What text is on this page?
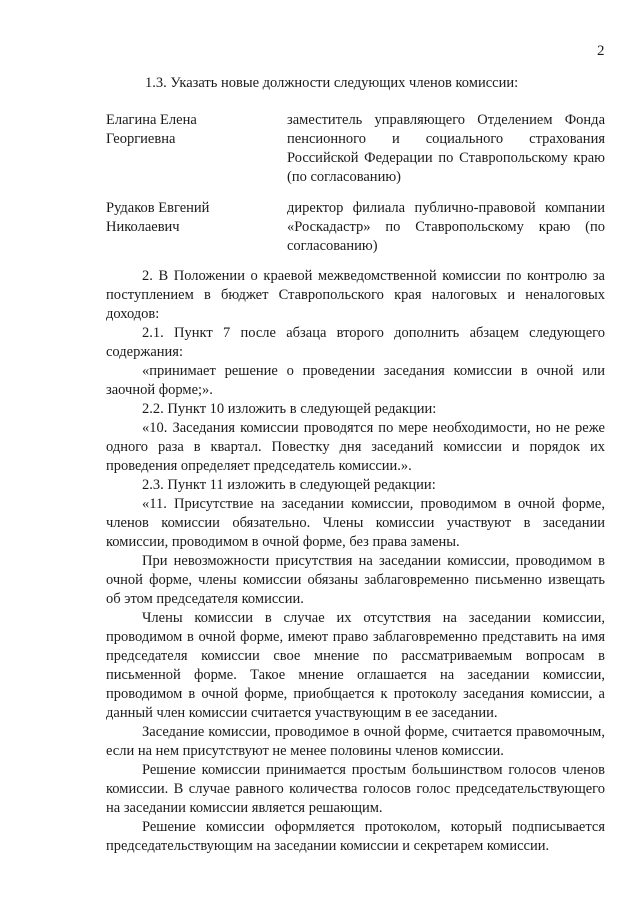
2
1.3. Указать новые должности следующих членов комиссии:
Елагина Елена
Георгиевна
заместитель управляющего Отделением Фонда пенсионного и социального страхования Российской Федерации по Ставропольскому краю (по согласованию)
Рудаков Евгений
Николаевич
директор филиала публично-правовой компании «Роскадастр» по Ставропольскому краю (по согласованию)

2. В Положении о краевой межведомственной комиссии по контролю за поступлением в бюджет Ставропольского края налоговых и неналоговых доходов:

2.1. Пункт 7 после абзаца второго дополнить абзацем следующего содержания:

«принимает решение о проведении заседания комиссии в очной или заочной форме;».

2.2. Пункт 10 изложить в следующей редакции:

«10. Заседания комиссии проводятся по мере необходимости, но не реже одного раза в квартал. Повестку дня заседаний комиссии и порядок их проведения определяет председатель комиссии.».

2.3. Пункт 11 изложить в следующей редакции:

«11. Присутствие на заседании комиссии, проводимом в очной форме, членов комиссии обязательно. Члены комиссии участвуют в заседании комиссии, проводимом в очной форме, без права замены.

При невозможности присутствия на заседании комиссии, проводимом в очной форме, члены комиссии обязаны заблаговременно письменно извещать об этом председателя комиссии.

Члены комиссии в случае их отсутствия на заседании комиссии, проводимом в очной форме, имеют право заблаговременно представить на имя председателя комиссии свое мнение по рассматриваемым вопросам в письменной форме. Такое мнение оглашается на заседании комиссии, проводимом в очной форме, приобщается к протоколу заседания комиссии, а данный член комиссии считается участвующим в ее заседании.

Заседание комиссии, проводимое в очной форме, считается правомочным, если на нем присутствуют не менее половины членов комиссии.

Решение комиссии принимается простым большинством голосов членов комиссии. В случае равного количества голосов голос председательствующего на заседании комиссии является решающим.

Решение комиссии оформляется протоколом, который подписывается председательствующим на заседании комиссии и секретарем комиссии.
